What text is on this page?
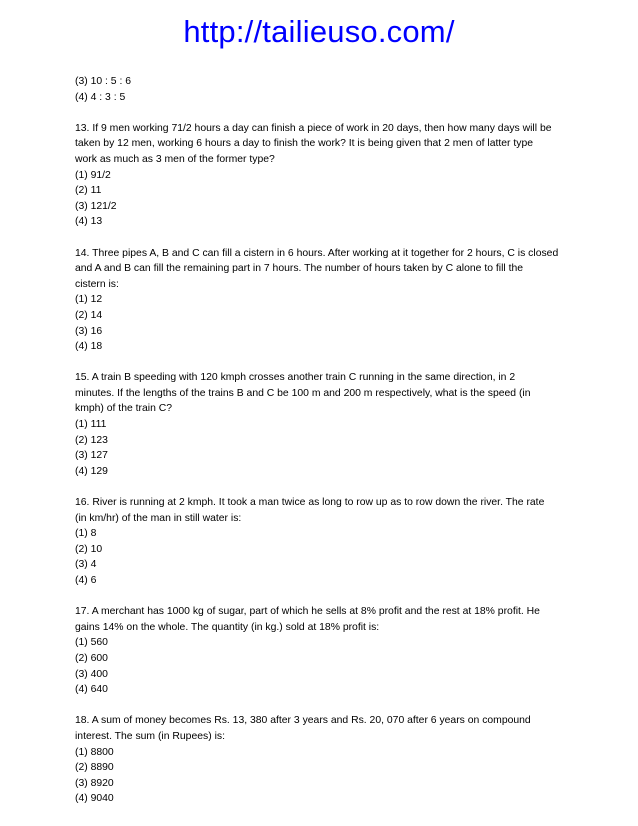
http://tailieuso.com/
(3) 10 : 5 : 6
(4) 4 : 3 : 5
13. If 9 men working 71/2 hours a day can finish a piece of work in 20 days, then how many days will be
taken by 12 men, working 6 hours a day to finish the work? It is being given that 2 men of latter type
work as much as 3 men of the former type?
(1) 91/2
(2) 11
(3) 121/2
(4) 13
14. Three pipes A, B and C can fill a cistern in 6 hours. After working at it together for 2 hours, C is closed
and A and B can fill the remaining part in 7 hours. The number of hours taken by C alone to fill the
cistern is:
(1) 12
(2) 14
(3) 16
(4) 18
15. A train B speeding with 120 kmph crosses another train C running in the same direction, in 2
minutes. If the lengths of the trains B and C be 100 m and 200 m respectively, what is the speed (in
kmph) of the train C?
(1) 111
(2) 123
(3) 127
(4) 129
16. River is running at 2 kmph. It took a man twice as long to row up as to row down the river. The rate
(in km/hr) of the man in still water is:
(1) 8
(2) 10
(3) 4
(4) 6
17. A merchant has 1000 kg of sugar, part of which he sells at 8% profit and the rest at 18% profit. He
gains 14% on the whole. The quantity (in kg.) sold at 18% profit is:
(1) 560
(2) 600
(3) 400
(4) 640
18. A sum of money becomes Rs. 13, 380 after 3 years and Rs. 20, 070 after 6 years on compound
interest. The sum (in Rupees) is:
(1) 8800
(2) 8890
(3) 8920
(4) 9040
